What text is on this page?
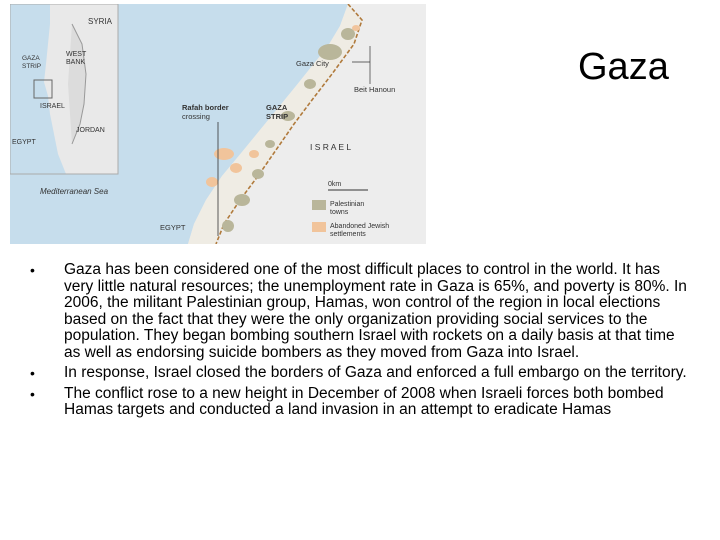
SYRIA
GAZA
STRIP
WEST
BANK
ISRAEL
JORDAN
EGYPT
Gaza City
Beit Hanoun
Rafah border
crossing
GAZA
STRIP
I S R A E L
Mediterranean Sea
EGYPT
0km
Palestinian
towns
Abandoned Jewish
settlements
Gaza
• Gaza has been considered one of the most difficult places to control in the world. It has very little natural resources; the unemployment rate in Gaza is 65%, and poverty is 80%. In 2006, the militant Palestinian group, Hamas, won control of the region in local elections based on the fact that they were the only organization providing social services to the population. They began bombing southern Israel with rockets on a daily basis at that time as well as endorsing suicide bombers as they moved from Gaza into Israel.
• In response, Israel closed the borders of Gaza and enforced a full embargo on the territory.
• The conflict rose to a new height in December of 2008 when Israeli forces both bombed Hamas targets and conducted a land invasion in an attempt to eradicate Hamas
